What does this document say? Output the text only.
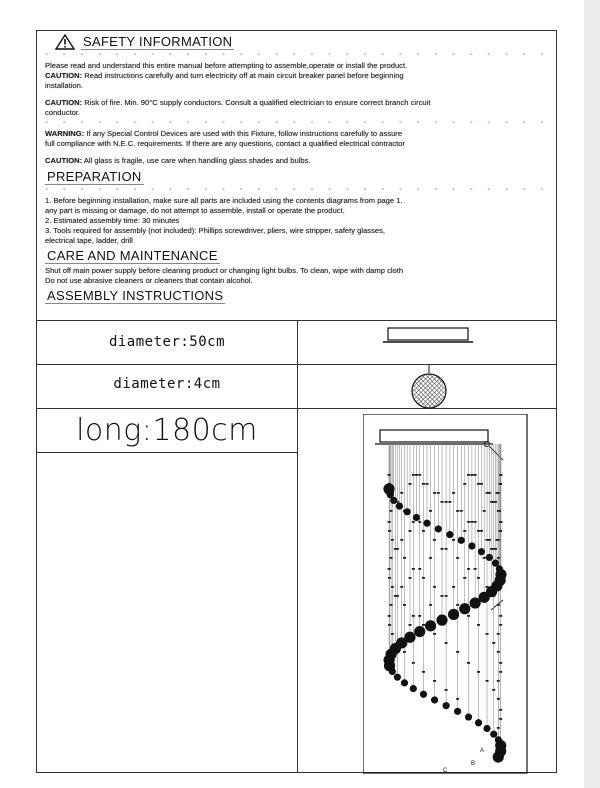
SAFETY INFORMATION
▪ ▪ ▪ ▪ ▪ ▪ ▪ ▪ ▪ ▪ ▪ ▪ ▪ ▪ ▪ ▪ ▪ ▪ ▪ ▪ ▪ ▪ ▪ ▪ ▪ ▪ ▪ ▪ ▪
Please read and understand this entire manual before attempting to assemble,operate or install the product.
CAUTION: Read instructions carefully and turn electricity off at main circuit breaker panel before beginning
installation.
CAUTION: Risk of fire. Min. 90°C supply conductors. Consult a qualified electrician to ensure correct branch circuit
conductor.
▪ ▪ ▪ ▪ ▪ ▪ ▪ ▪ ▪ ▪ ▪ ▪ ▪ ▪ ▪ ▪ ▪ ▪ ▪ ▪ ▪ ▪ ▪ ▪ ▪ ▪ ▪ ▪ ▪
WARNING: If any Special Control Devices are used with this Fixture, follow instructions carefully to assure
full compliance with N.E.C. requirements. If there are any questions, contact a qualified electrical contractor
CAUTION: All glass is fragile, use care when handling glass shades and bulbs.
PREPARATION
▪ ▪ ▪ ▪ ▪ ▪ ▪ ▪ ▪ ▪ ▪ ▪ ▪ ▪ ▪ ▪ ▪ ▪ ▪ ▪ ▪ ▪ ▪ ▪ ▪ ▪ ▪ ▪ ▪
1. Before beginning installation, make sure all parts are included using the contents diagrams from page 1.
any part is missing or damage, do not attempt to assemble, install or operate the product.
2. Estimated assembly time: 30 minutes
3. Tools required for assembly (not included): Phillips screwdriver, pliers, wire stripper, safety glasses,
electrical tape, ladder, drill
CARE AND MAINTENANCE
Shut off main power supply before cleaning product or changing light bulbs. To clean, wipe with damp cloth
Do not use abrasive cleaners or cleaners that contain alcohol.
ASSEMBLY INSTRUCTIONS
diameter:50cm
diameter:4cm
long:180cm
A
B
C
